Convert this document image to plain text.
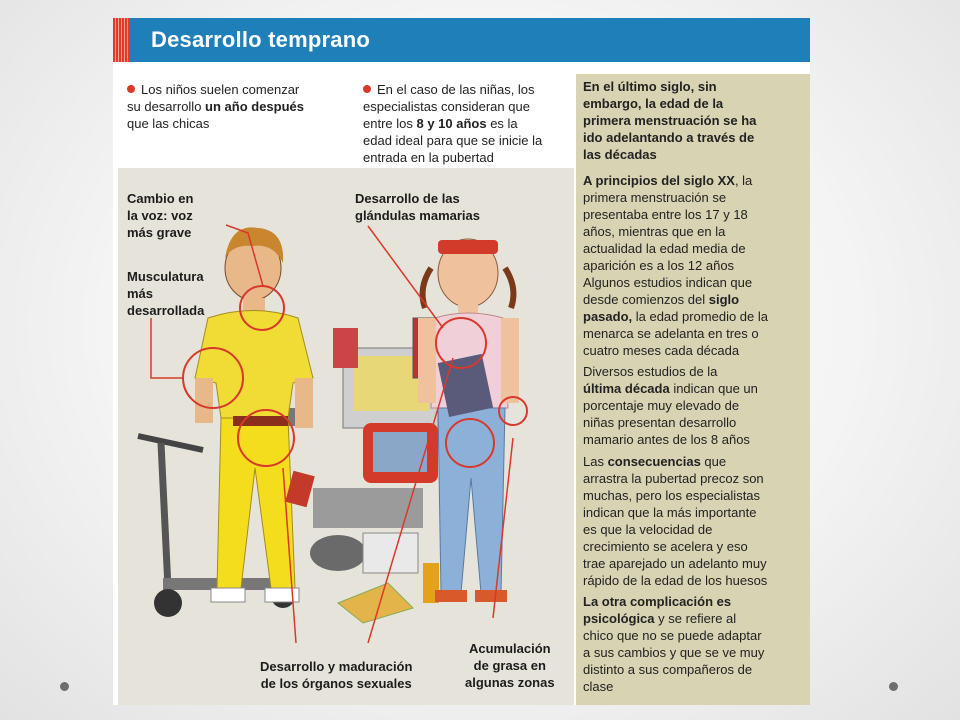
Desarrollo temprano
Los niños suelen comenzar
su desarrollo un año después
que las chicas
En el caso de las niñas, los
especialistas consideran que
entre los 8 y 10 años es la
edad ideal para que se inicie la
entrada en la pubertad
Cambio en
la voz: voz
más grave
Musculatura
más
desarrollada
Desarrollo de las
glándulas mamarias
Desarrollo y maduración
de los órganos sexuales
Acumulación
de grasa en
algunas zonas
En el último siglo, sin
embargo, la edad de la
primera menstruación se ha
ido adelantando a través de
las décadas
A principios del siglo XX, la
primera menstruación se
presentaba entre los 17 y 18
años, mientras que en la
actualidad la edad media de
aparición es a los 12 años
Algunos estudios indican que
desde comienzos del siglo
pasado, la edad promedio de la
menarca se adelanta en tres o
cuatro meses cada década
Diversos estudios de la
última década indican que un
porcentaje muy elevado de
niñas presentan desarrollo
mamario antes de los 8 años
Las consecuencias que
arrastra la pubertad precoz son
muchas, pero los especialistas
indican que la más importante
es que la velocidad de
crecimiento se acelera y eso
trae aparejado un adelanto muy
rápido de la edad de los huesos
La otra complicación es
psicológica y se refiere al
chico que no se puede adaptar
a sus cambios y que se ve muy
distinto a sus compañeros de
clase
